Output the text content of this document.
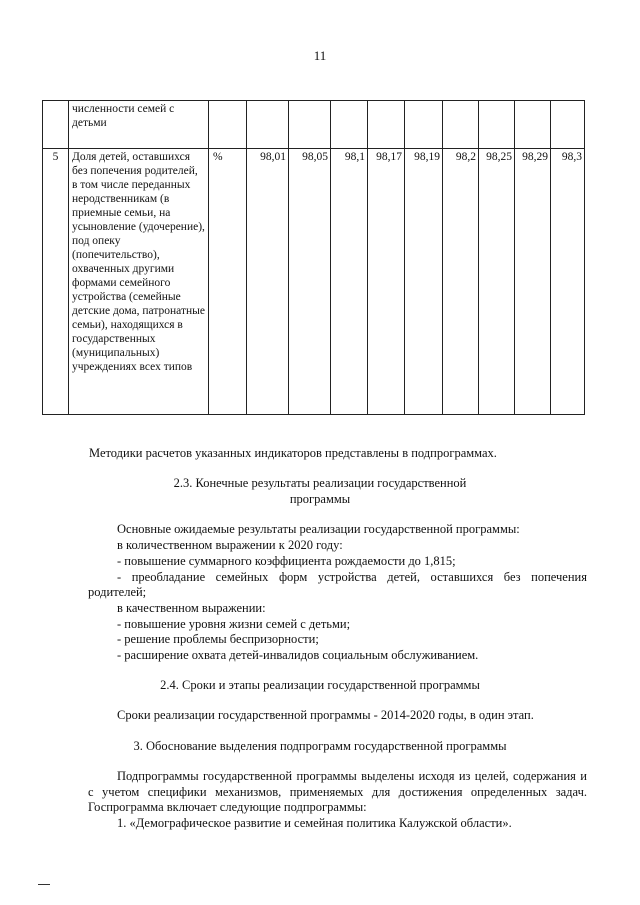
11
	численности семей с детьми										
5	Доля детей, оставшихся без попечения родителей, в том числе переданных неродственникам (в приемные семьи, на усыновление (удочерение), под опеку (попечительство), охваченных другими формами семейного устройства (семейные детские дома, патронатные семьи), находящихся в государственных (муниципальных) учреждениях всех типов	%	98,01	98,05	98,1	98,17	98,19	98,2	98,25	98,29	98,3
Методики расчетов указанных индикаторов представлены в подпрограммах.
2.3. Конечные результаты реализации государственной
программы
Основные ожидаемые результаты реализации государственной программы:
в количественном выражении к 2020 году:
- повышение суммарного коэффициента рождаемости до 1,815;
- преобладание семейных форм устройства детей, оставшихся без попечения
родителей;
в качественном выражении:
- повышение уровня жизни семей с детьми;
- решение проблемы беспризорности;
- расширение охвата детей-инвалидов социальным обслуживанием.
2.4. Сроки и этапы реализации государственной программы
Сроки реализации государственной программы - 2014-2020 годы, в один этап.
3. Обоснование выделения подпрограмм государственной программы
Подпрограммы государственной программы выделены исходя из целей, содержания и
с учетом специфики механизмов, применяемых для достижения определенных задач.
Госпрограмма включает следующие подпрограммы:
1. «Демографическое развитие и семейная политика Калужской области».
